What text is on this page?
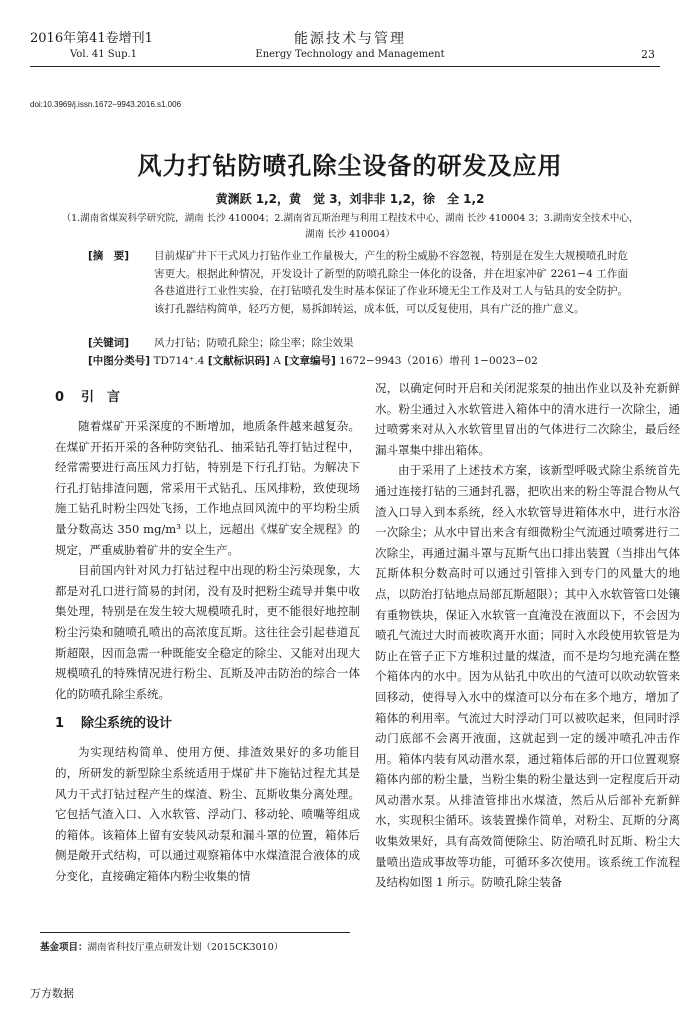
2016年第41卷增刊1
Vol. 41 Sup.1
能源技术与管理
Energy Technology and Management	23
doi:10.3969/j.issn.1672−9943.2016.s1.006
风力打钻防喷孔除尘设备的研发及应用
黄渊跃 1,2，黄　觉 3，刘非非 1,2，徐　全 1,2
（1.湖南省煤炭科学研究院，湖南 长沙 410004；2.湖南省瓦斯治理与利用工程技术中心，湖南 长沙 410004 3；3.湖南安全技术中心，湖南 长沙 410004）
[摘　要]	目前煤矿井下干式风力打钻作业工作量极大，产生的粉尘威胁不容忽视，特别是在发生大规模喷孔时危害更大。根据此种情况，开发设计了新型的防喷孔除尘一体化的设备，并在坦家冲矿 2261−4 工作面各巷道进行工业性实验，在打钻喷孔发生时基本保证了作业环境无尘工作及对工人与钻具的安全防护。该打孔器结构简单，轻巧方便，易拆卸转运，成本低，可以反复使用，具有广泛的推广意义。
[关键词]	风力打钻；防喷孔除尘；除尘率；除尘效果
[中图分类号] TD714⁺.4 [文献标识码] A [文章编号] 1672−9943（2016）增刊 1−0023−02
0 引　言

随着煤矿开采深度的不断增加，地质条件越来越复杂。在煤矿开拓开采的各种防突钻孔、抽采钻孔等打钻过程中，经常需要进行高压风力打钻，特别是下行孔打钻。为解决下行孔打钻排渣问题，常采用干式钻孔、压风排粉，致使现场施工钻孔时粉尘四处飞扬，工作地点回风流中的平均粉尘质量分数高达 350 mg/m³ 以上，远超出《煤矿安全规程》的规定，严重威胁着矿井的安全生产。

目前国内针对风力打钻过程中出现的粉尘污染现象，大都是对孔口进行简易的封闭，没有及时把粉尘疏导并集中收集处理，特别是在发生较大规模喷孔时，更不能很好地控制粉尘污染和随喷孔喷出的高浓度瓦斯。这往往会引起巷道瓦斯超限，因而急需一种既能安全稳定的除尘、又能对出现大规模喷孔的特殊情况进行粉尘、瓦斯及冲击防治的综合一体化的防喷孔除尘系统。

1 除尘系统的设计

为实现结构简单、使用方便、排渣效果好的多功能目的，所研发的新型除尘系统适用于煤矿井下施钻过程尤其是风力干式打钻过程产生的煤渣、粉尘、瓦斯收集分离处理。它包括气渣入口、入水软管、浮动门、移动轮、喷嘴等组成的箱体。该箱体上留有安装风动泵和漏斗罩的位置，箱体后侧是敞开式结构，可以通过观察箱体中水煤渣混合液体的成分变化，直接确定箱体内粉尘收集的情

况，以确定何时开启和关闭泥浆泵的抽出作业以及补充新鲜水。粉尘通过入水软管进入箱体中的清水进行一次除尘，通过喷雾来对从入水软管里冒出的气体进行二次除尘，最后经漏斗罩集中排出箱体。

由于采用了上述技术方案，该新型呼吸式除尘系统首先通过连接打钻的三通封孔器，把吹出来的粉尘等混合物从气渣入口导入到本系统，经入水软管导进箱体水中，进行水浴一次除尘；从水中冒出来含有细微粉尘气流通过喷雾进行二次除尘，再通过漏斗罩与瓦斯气出口排出装置（当排出气体瓦斯体积分数高时可以通过引管排入到专门的风量大的地点，以防治打钻地点局部瓦斯超限）；其中入水软管管口处镶有重物铁块，保证入水软管一直淹没在液面以下，不会因为喷孔气流过大时而被吹离开水面；同时入水段使用软管是为防止在管子正下方堆积过量的煤渣，而不是均匀地充满在整个箱体内的水中。因为从钻孔中吹出的气渣可以吹动软管来回移动，使得导入水中的煤渣可以分布在多个地方，增加了箱体的利用率。气流过大时浮动门可以被吹起来，但同时浮动门底部不会离开液面，这就起到一定的缓冲喷孔冲击作用。箱体内装有风动潜水泵，通过箱体后部的开口位置观察箱体内部的粉尘量，当粉尘集的粉尘量达到一定程度后开动风动潜水泵。从排渣管排出水煤渣，然后从后部补充新鲜水，实现积尘循环。该装置操作简单，对粉尘、瓦斯的分离收集效果好，具有高效简便除尘、防治喷孔时瓦斯、粉尘大量喷出造成事故等功能，可循环多次使用。该系统工作流程及结构如图 1 所示。防喷孔除尘装备

基金项目：湖南省科技厅重点研发计划（2015CK3010）
万方数据
